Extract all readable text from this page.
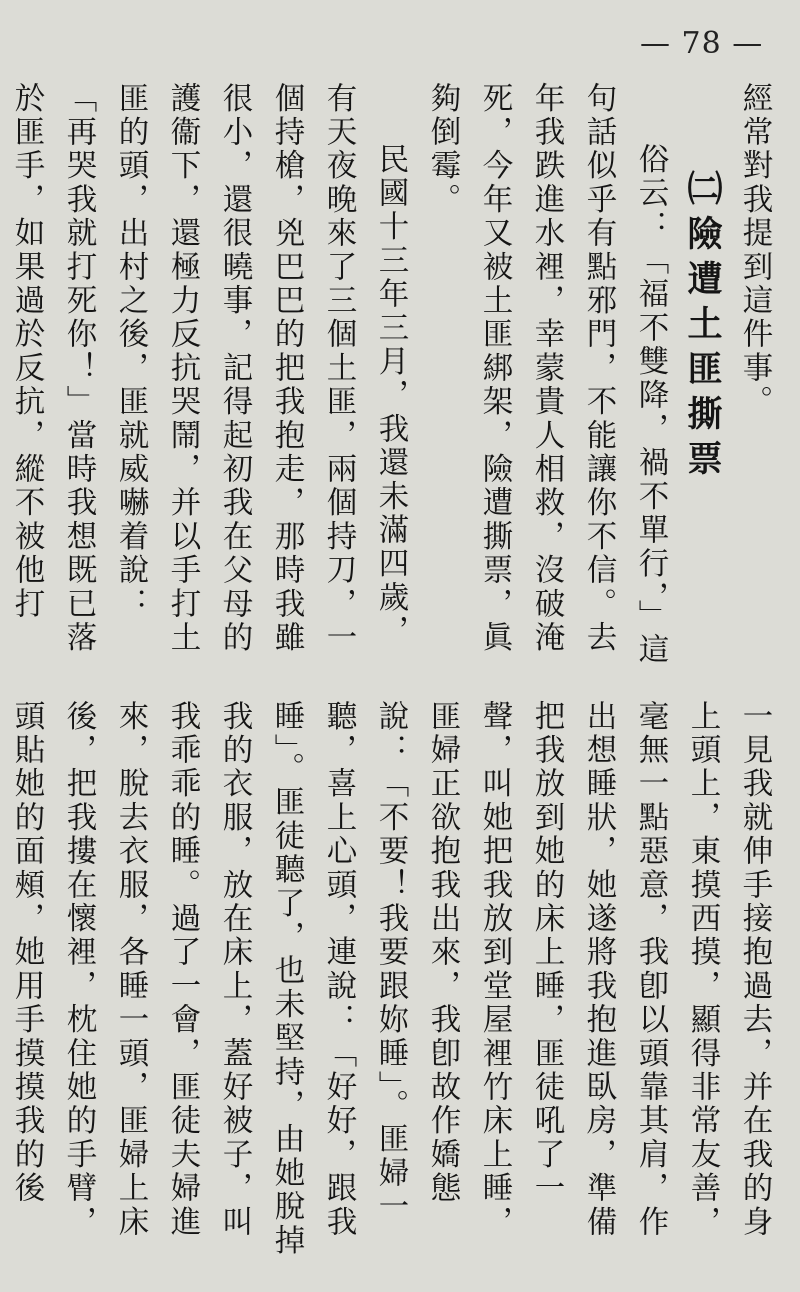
— 78 —
經常對我提到這件事。
㈡險遭土匪撕票
俗云：「福不雙降，禍不單行，」這句話似乎有點邪門，不能讓你不信。去年我跌進水裡，幸蒙貴人相救，沒破淹死，今年又被土匪綁架，險遭撕票，眞夠倒霉。
民國十三年三月，我還未滿四歲，有天夜晚來了三個土匪，兩個持刀，一個持槍，兇巴巴的把我抱走，那時我雖很小，還很曉事，記得起初我在父母的護衞下，還極力反抗哭鬧，并以手打土匪的頭，出村之後，匪就威嚇着說：「再哭我就打死你！」當時我想既已落於匪手，如果過於反抗，縱不被他打
一見我就伸手接抱過去，并在我的身上頭上，東摸西摸，顯得非常友善，毫無一點惡意，我卽以頭靠其肩，作出想睡狀，她遂將我抱進臥房，準備把我放到她的床上睡，匪徒吼了一聲，叫她把我放到堂屋裡竹床上睡，匪婦正欲抱我出來，我卽故作嬌態說：「不要！我要跟妳睡」。匪婦一聽，喜上心頭，連說：「好好，跟我睡」。匪徒聽了，也未堅持，由她脫掉我的衣服，放在床上，蓋好被子，叫我乖乖的睡。過了一會，匪徒夫婦進來，脫去衣服，各睡一頭，匪婦上床後，把我摟在懷裡，枕住她的手臂，頭貼她的面頰，她用手摸摸我的後
